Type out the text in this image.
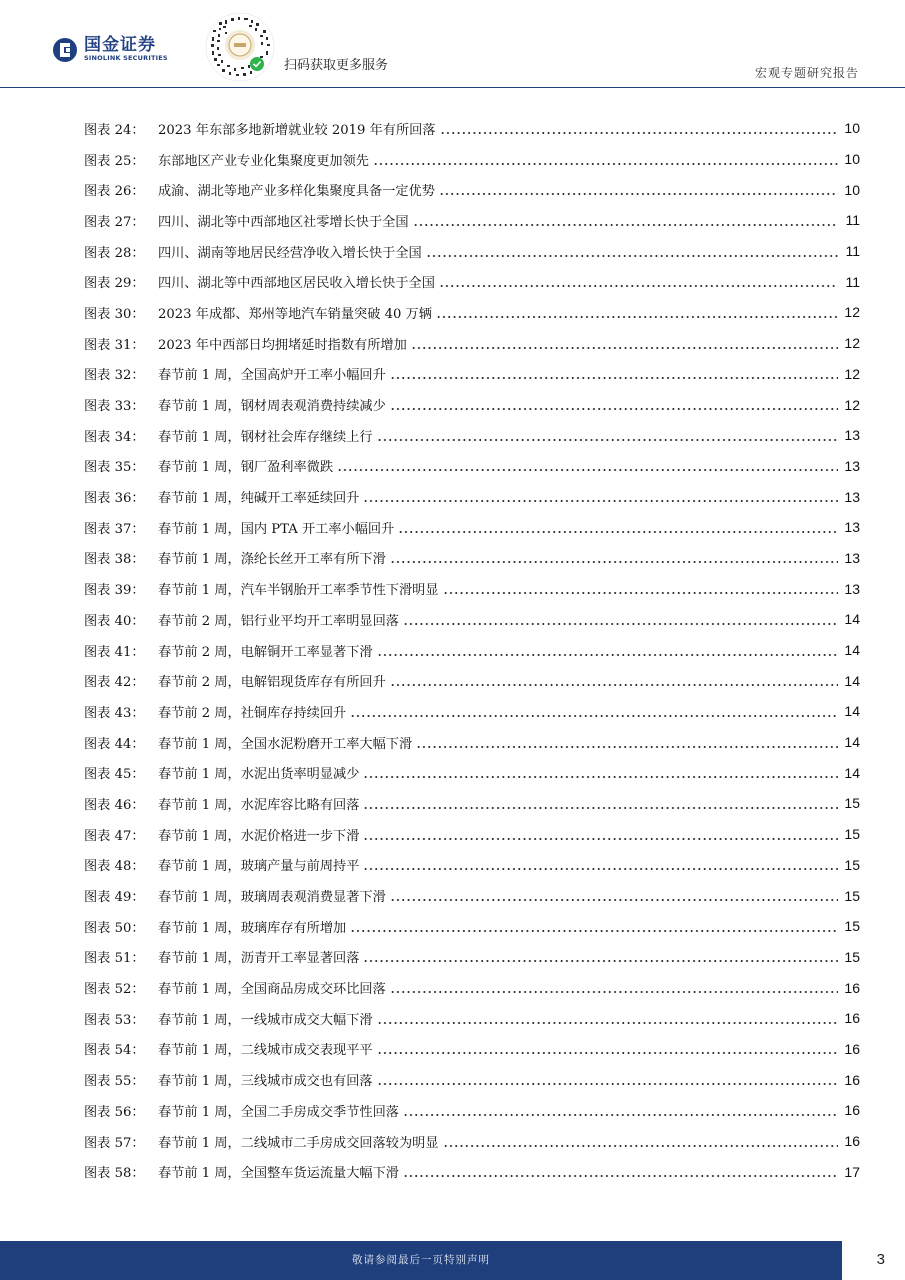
国金证券
SINOLINK SECURITIES	扫码获取更多服务	宏观专题研究报告
图表 24：	2023 年东部多地新增就业较 2019 年有所回落	10
图表 25：	东部地区产业专业化集聚度更加领先	10
图表 26：	成渝、湖北等地产业多样化集聚度具备一定优势	10
图表 27：	四川、湖北等中西部地区社零增长快于全国	11
图表 28：	四川、湖南等地居民经营净收入增长快于全国	11
图表 29：	四川、湖北等中西部地区居民收入增长快于全国	11
图表 30：	2023 年成都、郑州等地汽车销量突破 40 万辆	12
图表 31：	2023 年中西部日均拥堵延时指数有所增加	12
图表 32：	春节前 1 周，全国高炉开工率小幅回升	12
图表 33：	春节前 1 周，钢材周表观消费持续减少	12
图表 34：	春节前 1 周，钢材社会库存继续上行	13
图表 35：	春节前 1 周，钢厂盈利率微跌	13
图表 36：	春节前 1 周，纯碱开工率延续回升	13
图表 37：	春节前 1 周，国内 PTA 开工率小幅回升	13
图表 38：	春节前 1 周，涤纶长丝开工率有所下滑	13
图表 39：	春节前 1 周，汽车半钢胎开工率季节性下滑明显	13
图表 40：	春节前 2 周，铝行业平均开工率明显回落	14
图表 41：	春节前 2 周，电解铜开工率显著下滑	14
图表 42：	春节前 2 周，电解铝现货库存有所回升	14
图表 43：	春节前 2 周，社铜库存持续回升	14
图表 44：	春节前 1 周，全国水泥粉磨开工率大幅下滑	14
图表 45：	春节前 1 周，水泥出货率明显减少	14
图表 46：	春节前 1 周，水泥库容比略有回落	15
图表 47：	春节前 1 周，水泥价格进一步下滑	15
图表 48：	春节前 1 周，玻璃产量与前周持平	15
图表 49：	春节前 1 周，玻璃周表观消费显著下滑	15
图表 50：	春节前 1 周，玻璃库存有所增加	15
图表 51：	春节前 1 周，沥青开工率显著回落	15
图表 52：	春节前 1 周，全国商品房成交环比回落	16
图表 53：	春节前 1 周，一线城市成交大幅下滑	16
图表 54：	春节前 1 周，二线城市成交表现平平	16
图表 55：	春节前 1 周，三线城市成交也有回落	16
图表 56：	春节前 1 周，全国二手房成交季节性回落	16
图表 57：	春节前 1 周，二线城市二手房成交回落较为明显	16
图表 58：	春节前 1 周，全国整车货运流量大幅下滑	17
敬请参阅最后一页特别声明	3
